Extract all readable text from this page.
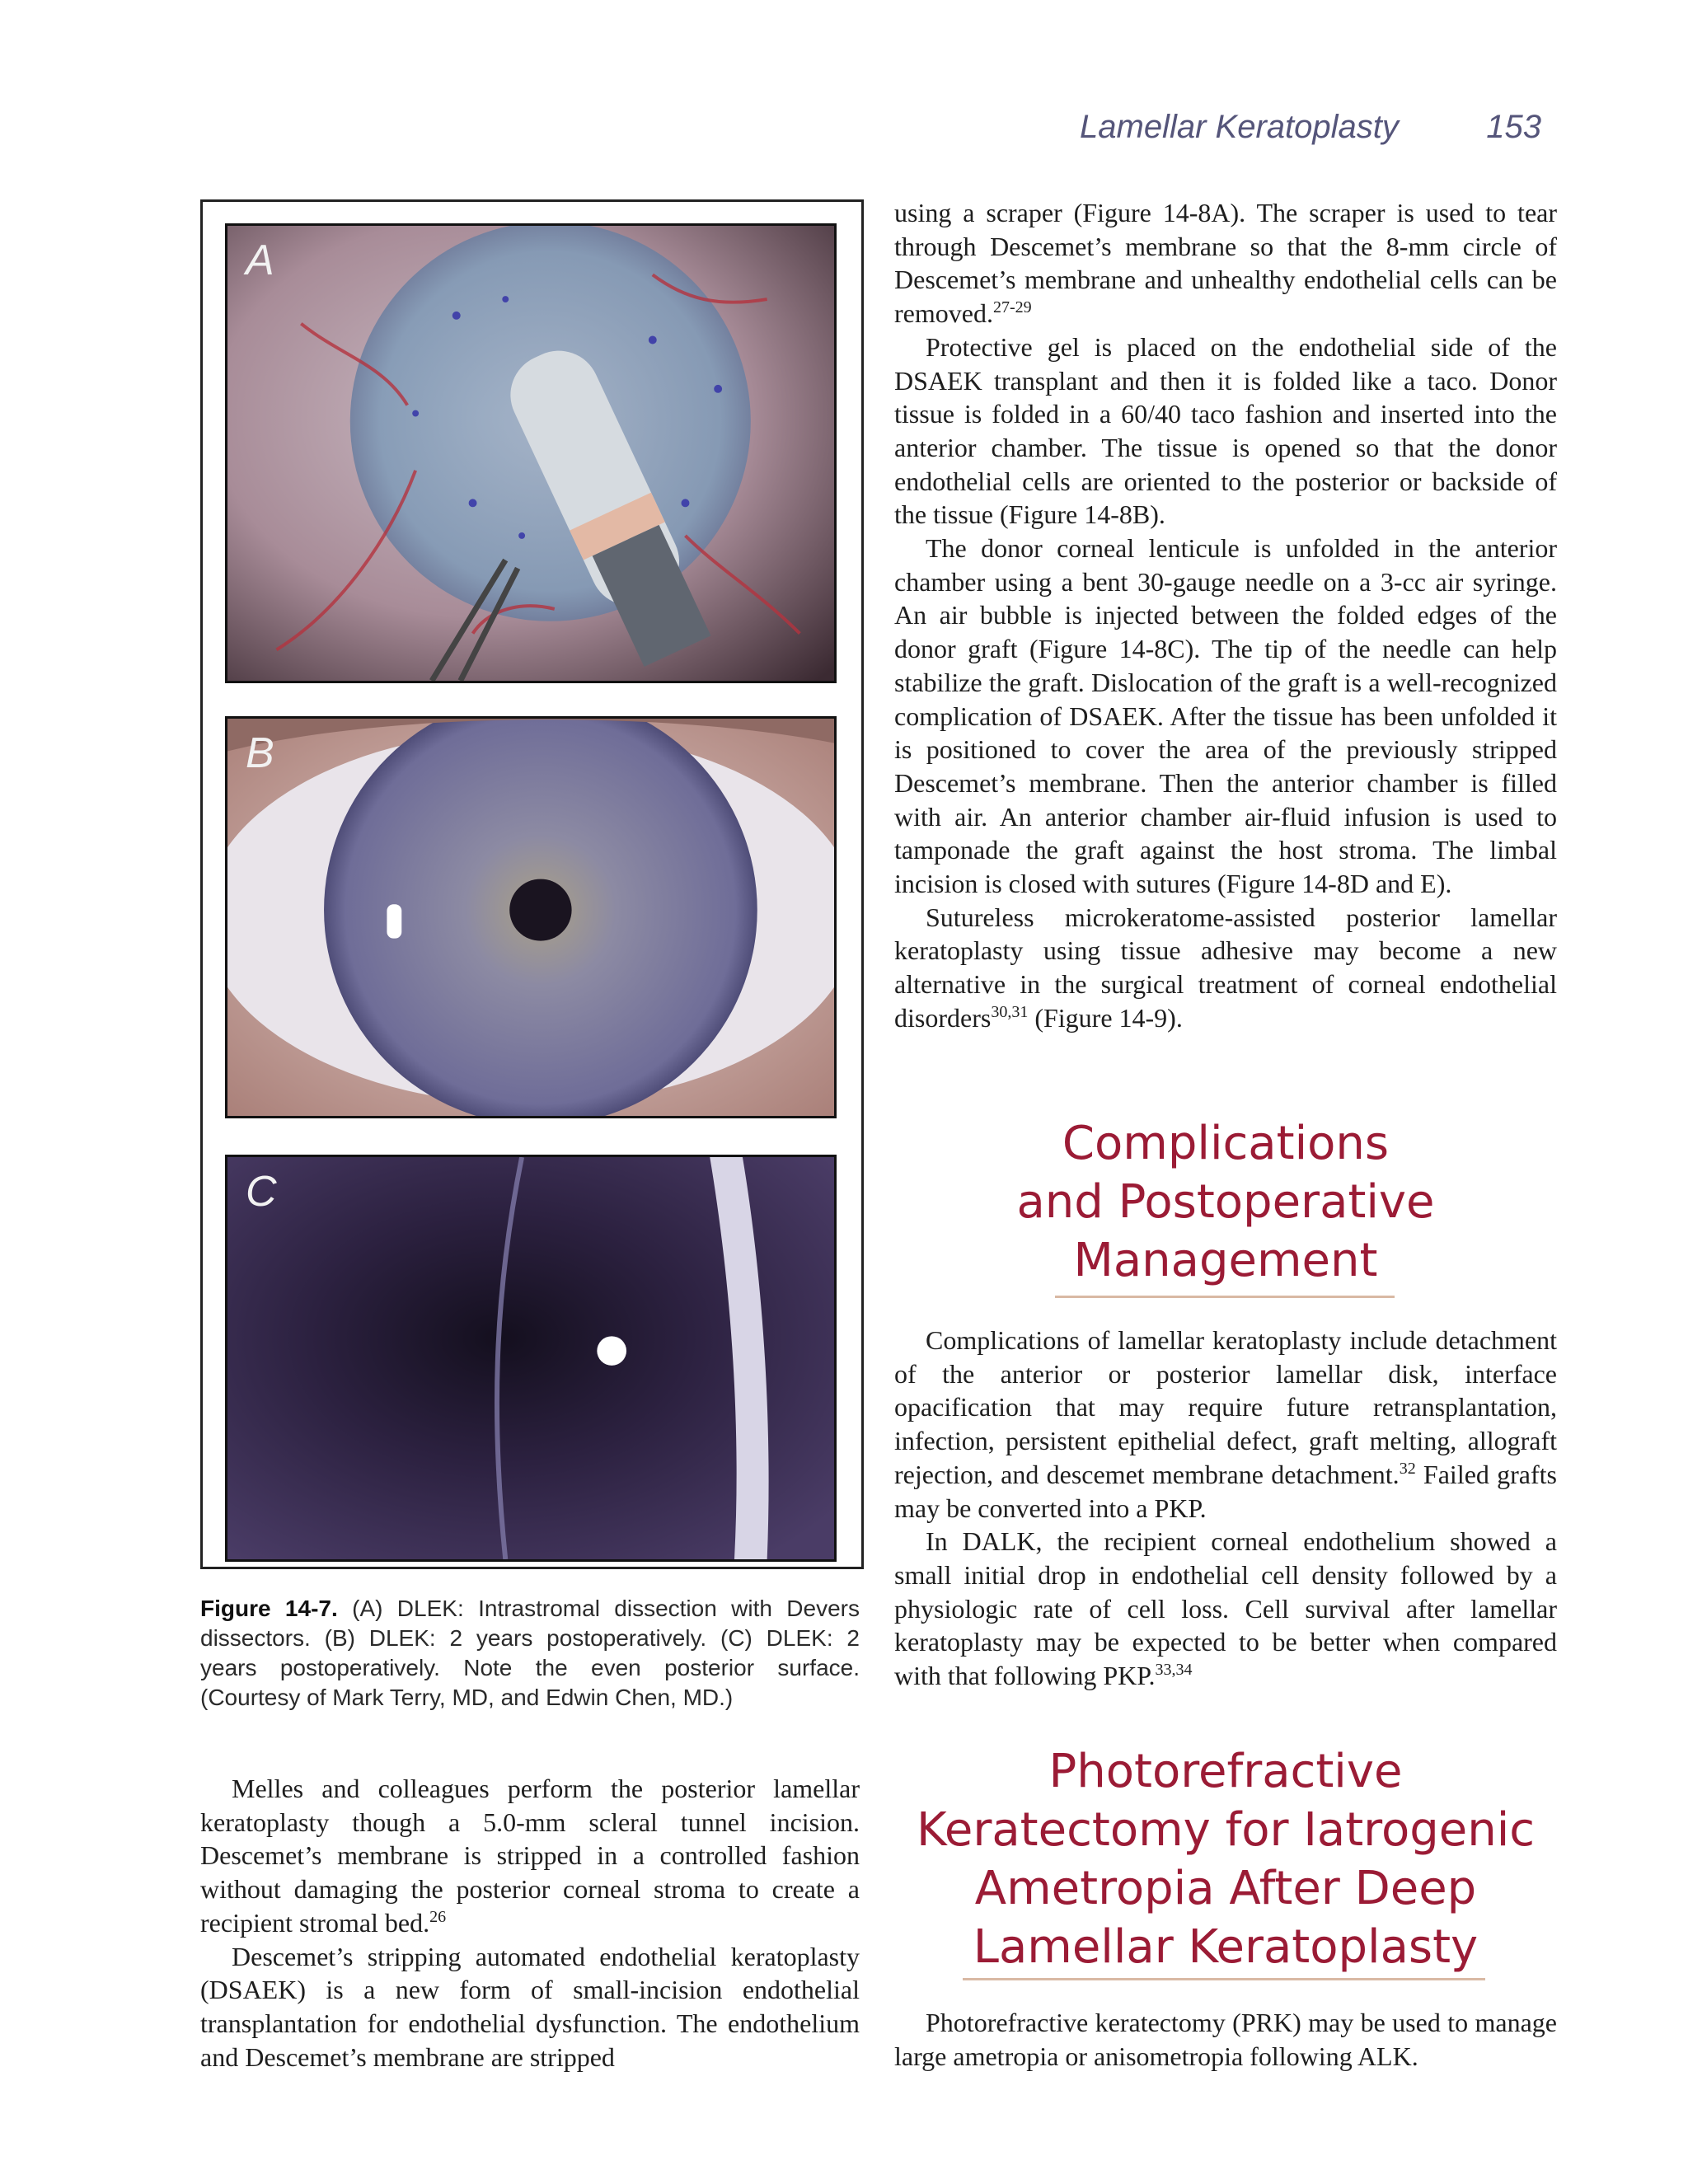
Lamellar Keratoplasty	153
A
B
C
Figure 14-7. (A) DLEK: Intrastromal dissection with Devers dissectors. (B) DLEK: 2 years postoperatively. (C) DLEK: 2 years postoperatively. Note the even posterior surface. (Courtesy of Mark Terry, MD, and Edwin Chen, MD.)

Melles and colleagues perform the posterior lamellar keratoplasty though a 5.0-mm scleral tunnel incision. Descemet’s membrane is stripped in a controlled fashion without damaging the posterior corneal stroma to create a recipient stromal bed.$^{26}$

Descemet’s stripping automated endothelial keratoplasty (DSAEK) is a new form of small-incision endothelial transplantation for endothelial dysfunction. The endothelium and Descemet’s membrane are stripped

using a scraper (Figure 14-8A). The scraper is used to tear through Descemet’s membrane so that the 8-mm circle of Descemet’s membrane and unhealthy endothelial cells can be removed.$^{27-29}$

Protective gel is placed on the endothelial side of the DSAEK transplant and then it is folded like a taco. Donor tissue is folded in a 60/40 taco fashion and inserted into the anterior chamber. The tissue is opened so that the donor endothelial cells are oriented to the posterior or backside of the tissue (Figure 14-8B).

The donor corneal lenticule is unfolded in the anterior chamber using a bent 30-gauge needle on a 3-cc air syringe. An air bubble is injected between the folded edges of the donor graft (Figure 14-8C). The tip of the needle can help stabilize the graft. Dislocation of the graft is a well-recognized complication of DSAEK. After the tissue has been unfolded it is positioned to cover the area of the previously stripped Descemet’s membrane. Then the anterior chamber is filled with air. An anterior chamber air-fluid infusion is used to tamponade the graft against the host stroma. The limbal incision is closed with sutures (Figure 14-8D and E).

Sutureless microkeratome-assisted posterior lamellar keratoplasty using tissue adhesive may become a new alternative in the surgical treatment of corneal endothelial disorders$^{30,31}$ (Figure 14-9).

Complications
and Postoperative
Management

Complications of lamellar keratoplasty include detachment of the anterior or posterior lamellar disk, interface opacification that may require future retransplantation, infection, persistent epithelial defect, graft melting, allograft rejection, and descemet membrane detachment.$^{32}$ Failed grafts may be converted into a PKP.

In DALK, the recipient corneal endothelium showed a small initial drop in endothelial cell density followed by a physiologic rate of cell loss. Cell survival after lamellar keratoplasty may be expected to be better when compared with that following PKP.$^{33,34}$

Photorefractive
Keratectomy for Iatrogenic
Ametropia After Deep
Lamellar Keratoplasty

Photorefractive keratectomy (PRK) may be used to manage large ametropia or anisometropia following ALK.
